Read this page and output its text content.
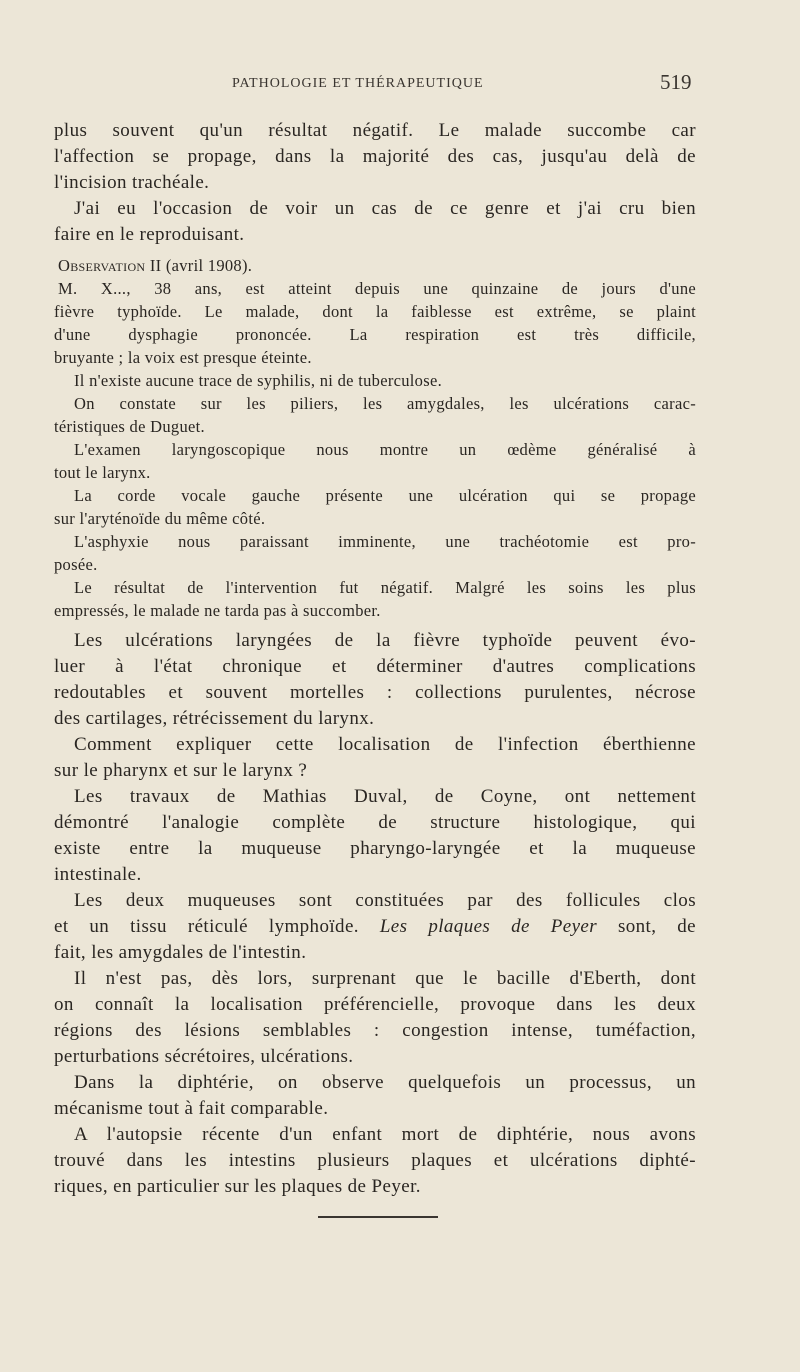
PATHOLOGIE ET THÉRAPEUTIQUE	519
plus souvent qu'un résultat négatif. Le malade succombe car
l'affection se propage, dans la majorité des cas, jusqu'au delà de
l'incision trachéale.
J'ai eu l'occasion de voir un cas de ce genre et j'ai cru bien
faire en le reproduisant.
Observation II (avril 1908).
M. X..., 38 ans, est atteint depuis une quinzaine de jours d'une
fièvre typhoïde. Le malade, dont la faiblesse est extrême, se plaint
d'une dysphagie prononcée. La respiration est très difficile,
bruyante ; la voix est presque éteinte.
Il n'existe aucune trace de syphilis, ni de tuberculose.
On constate sur les piliers, les amygdales, les ulcérations carac-
téristiques de Duguet.
L'examen laryngoscopique nous montre un œdème généralisé à
tout le larynx.
La corde vocale gauche présente une ulcération qui se propage
sur l'aryténoïde du même côté.
L'asphyxie nous paraissant imminente, une trachéotomie est pro-
posée.
Le résultat de l'intervention fut négatif. Malgré les soins les plus
empressés, le malade ne tarda pas à succomber.
Les ulcérations laryngées de la fièvre typhoïde peuvent évo-
luer à l'état chronique et déterminer d'autres complications
redoutables et souvent mortelles : collections purulentes, nécrose
des cartilages, rétrécissement du larynx.
Comment expliquer cette localisation de l'infection éberthienne
sur le pharynx et sur le larynx ?
Les travaux de Mathias Duval, de Coyne, ont nettement
démontré l'analogie complète de structure histologique, qui
existe entre la muqueuse pharyngo-laryngée et la muqueuse
intestinale.
Les deux muqueuses sont constituées par des follicules clos
et un tissu réticulé lymphoïde. Les plaques de Peyer sont, de
fait, les amygdales de l'intestin.
Il n'est pas, dès lors, surprenant que le bacille d'Eberth, dont
on connaît la localisation préférencielle, provoque dans les deux
régions des lésions semblables : congestion intense, tuméfaction,
perturbations sécrétoires, ulcérations.
Dans la diphtérie, on observe quelquefois un processus, un
mécanisme tout à fait comparable.
A l'autopsie récente d'un enfant mort de diphtérie, nous avons
trouvé dans les intestins plusieurs plaques et ulcérations diphté-
riques, en particulier sur les plaques de Peyer.
